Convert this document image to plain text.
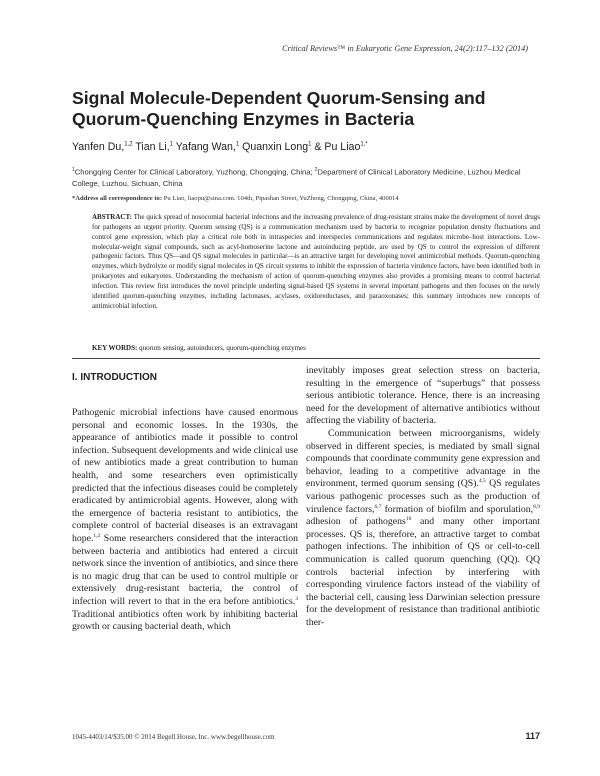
Critical Reviews™ in Eukaryotic Gene Expression, 24(2):117–132 (2014)
Signal Molecule-Dependent Quorum-Sensing and Quorum-Quenching Enzymes in Bacteria
Yanfen Du,$^{1,2}$ Tian Li,$^1$ Yafang Wan,$^1$ Quanxin Long$^1$ & Pu Liao$^{1,*}$
$^1$Chongqing Center for Clinical Laboratory, Yuzhong, Chongqing, China; $^2$Department of Clinical Laboratory Medicine, Luzhou Medical College, Luzhou, Sichuan, China
*Address all correspondence to: Pu Liao, liaopu@sina.com. 104th, Pipashan Street, YuZhong, Chongqing, China, 400014
ABSTRACT: The quick spread of nosocomial bacterial infections and the increasing prevalence of drug-resistant strains make the development of novel drugs for pathogens an urgent priority. Quorum sensing (QS) is a communication mechanism used by bacteria to recognize population density fluctuations and control gene expression, which play a critical role both in intraspecies and interspecies communications and regulates microbe–host interactions. Low-molecular-weight signal compounds, such as acyl-homoserine lactone and autoinducing peptide, are used by QS to control the expression of different pathogenic factors. Thus QS—and QS signal molecules in particular—is an attractive target for developing novel antimicrobial methods. Quorum-quenching enzymes, which hydrolyze or modify signal molecules in QS circuit systems to inhibit the expression of bacteria virulence factors, have been identified both in prokaryotes and eukaryotes. Understanding the mechanism of action of quorum-quenching enzymes also provides a promising means to control bacterial infection. This review first introduces the novel principle underling signal-based QS systems in several important pathogens and then focuses on the newly identified quorum-quenching enzymes, including lactonases, acylases, oxidoreductases, and paraoxonases; this summary introduces new concepts of antimicrobial infection.
KEY WORDS: quorum sensing, autoinducers, quorum-quenching enzymes
I. INTRODUCTION

Pathogenic microbial infections have caused enormous personal and economic losses. In the 1930s, the appearance of antibiotics made it possible to control infection. Subsequent developments and wide clinical use of new antibiotics made a great contribution to human health, and some researchers even optimistically predicted that the infectious diseases could be completely eradicated by antimicrobial agents. However, along with the emergence of bacteria resistant to antibiotics, the complete control of bacterial diseases is an extravagant hope.$^{1,2}$ Some researchers considered that the interaction between bacteria and antibiotics had entered a circuit network since the invention of antibiotics, and since there is no magic drug that can be used to control multiple or extensively drug-resistant bacteria, the control of infection will revert to that in the era before antibiotics.$^3$ Traditional antibiotics often work by inhibiting bacterial growth or causing bacterial death, which

inevitably imposes great selection stress on bacteria, resulting in the emergence of “superbugs” that possess serious antibiotic tolerance. Hence, there is an increasing need for the development of alternative antibiotics without affecting the viability of bacteria.

Communication between microorganisms, widely observed in different species, is mediated by small signal compounds that coordinate community gene expression and behavior, leading to a competitive advantage in the environment, termed quorum sensing (QS).$^{4,5}$ QS regulates various pathogenic processes such as the production of virulence factors,$^{6,7}$ formation of biofilm and sporulation,$^{8,9}$ adhesion of pathogens$^{10}$ and many other important processes. QS is, therefore, an attractive target to combat pathogen infections. The inhibition of QS or cell-to-cell communication is called quorum quenching (QQ). QQ controls bacterial infection by interfering with corresponding virulence factors instead of the viability of the bacterial cell, causing less Darwinian selection pressure for the development of resistance than traditional antibiotic ther-

1045-4403/14/$35.00 © 2014 Begell House, Inc. www.begellhouse.com	117
